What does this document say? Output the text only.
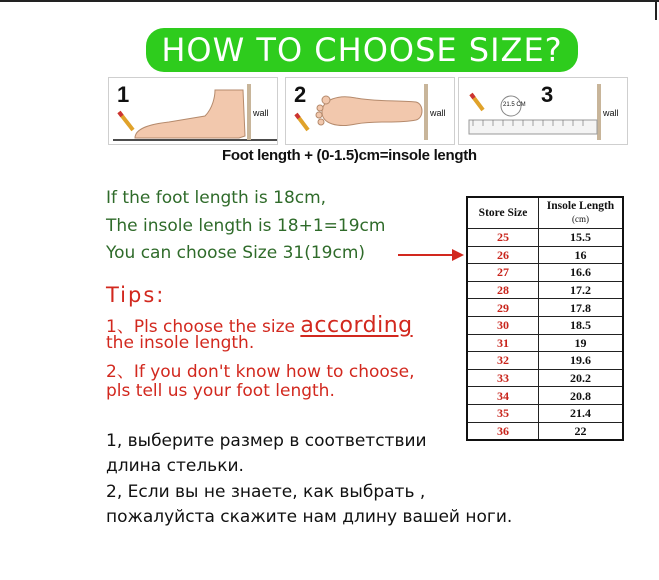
HOW TO CHOOSE SIZE?
1
wall
2
wall
21.5 CM 3
wall
Foot length + (0-1.5)cm=insole length
If the foot length is 18cm,
The insole length is 18+1=19cm
You can choose Size 31(19cm)
Tips:
1、Pls choose the size according
the insole length.
2、If you don't know how to choose,
pls tell us your foot length.
1, выберите размер в соответствии
длина стельки.
2, Если вы не знаете, как выбрать ,
пожалуйста скажите нам длину вашей ноги.
Store Size	Insole Length
(cm)

25	15.5
26	16
27	16.6
28	17.2
29	17.8
30	18.5
31	19
32	19.6
33	20.2
34	20.8
35	21.4
36	22
